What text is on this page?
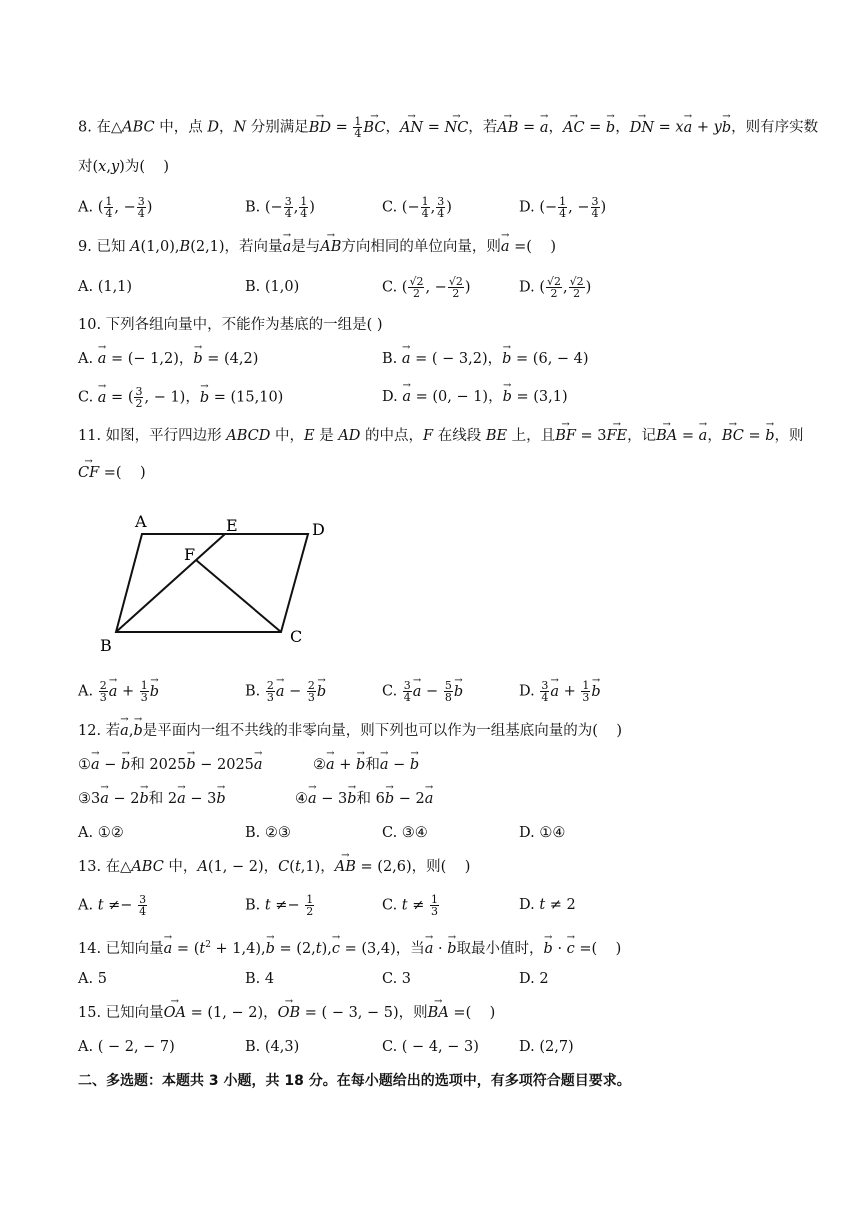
8. 在△ABC 中，点 D，N 分别满足→ BD = $\frac{1}{4}$
→ BC，→ AN = → NC，若→ AB = → a，→ AC = → b，→ DN = x→ a + y→ b，则有序实数
对(x,y)为(    )
A. ( $\frac{1}{4}$ , − $\frac{3}{4}$ )	B. (− $\frac{3}{4}$ , $\frac{1}{4}$ )	C. (− $\frac{1}{4}$ , $\frac{3}{4}$ )	D. (− $\frac{1}{4}$ , − $\frac{3}{4}$ )
9. 已知 A(1,0),B(2,1)，若向量→ a是与→ AB方向相同的单位向量，则→ a =(    )
A. (1,1)	B. (1,0)	C. ( $\frac{√2}{2}$ , − $\frac{√2}{2}$ )	D. ( $\frac{√2}{2}$ , $\frac{√2}{2}$ )
10. 下列各组向量中，不能作为基底的一组是( )
A. → a = (− 1,2)，→ b = (4,2)	B. → a = ( − 3,2)，→ b = (6, − 4)
C. → a = ( $\frac{3}{2}$ , − 1)，→ b = (15,10)	D. → a = (0, − 1)，→ b = (3,1)
11. 如图，平行四边形 ABCD 中，E 是 AD 的中点，F 在线段 BE 上，且→ BF = 3→ FE，记→ BA = → a，→ BC = → b，则
→ CF =(    )
A	E	D
F
B	C
A. $\frac{2}{3}$
→ $a + \frac{1}{3}$
→ b	B. $\frac{2}{3}$
→ $a - \frac{2}{3}$
→ b	C. $\frac{3}{4}$
→ $a - \frac{5}{8}$
→ b	D. $\frac{3}{4}$
→ $a + \frac{1}{3}$
→ b
12. 若→ a,→ b是平面内一组不共线的非零向量，则下列也可以作为一组基底向量的为(    )
①→ a − → b和 2025→ b − 2025→ a	②→ a + → b和→ a − → b
③3→ a − 2→ b和 2→ a − 3→ b	④→ a − 3→ b和 6→ b − 2→ a
A. ①②	B. ②③	C. ③④	D. ①④
13. 在△ABC 中，A(1, − 2)，C(t,1)，→ AB = (2,6)，则(    )
A. $t \ne- \frac{3}{4}$	B. $t \ne- \frac{1}{2}$	C. $t \ne \frac{1}{3}$	D. t ≠ 2
14. 已知向量→ $a = (t^2 + 1,4),\to b = (2,t),\to c = (3,4)$，当→ a · → b取最小值时，→ b · → c =(    )
A. 5	B. 4	C. 3	D. 2
15. 已知向量→ OA = (1, − 2)，→ OB = ( − 3, − 5)，则→ BA =(    )
A. ( − 2, − 7)	B. (4,3)	C. ( − 4, − 3)	D. (2,7)
二、多选题：本题共 3 小题，共 18 分。在每小题给出的选项中，有多项符合题目要求。
